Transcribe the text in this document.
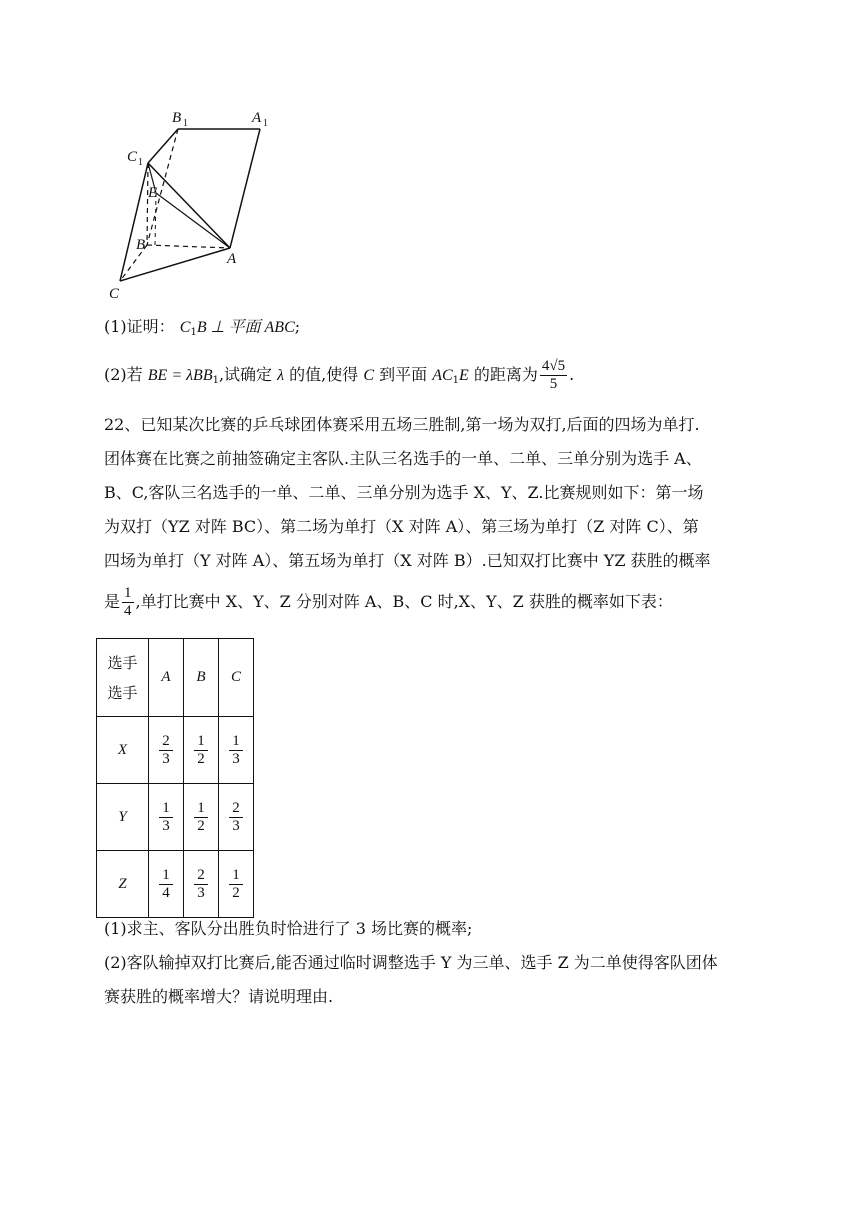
B 1	A 1
C 1
E
B
A
C
(1)证明： $C_1B$ ⊥ 平面 ABC;
(2)若 BE = λBB$_1$,试确定 λ 的值,使得 C 到平面 $AC_1E$ 的距离为 $\frac{4√5}{5}$ .
22、已知某次比赛的乒乓球团体赛采用五场三胜制,第一场为双打,后面的四场为单打.
团体赛在比赛之前抽签确定主客队.主队三名选手的一单、二单、三单分别为选手 A、
B、C,客队三名选手的一单、二单、三单分别为选手 X、Y、Z.比赛规则如下：第一场
为双打（YZ 对阵 BC）、第二场为单打（X 对阵 A）、第三场为单打（Z 对阵 C）、第
四场为单打（Y 对阵 A）、第五场为单打（X 对阵 B）.已知双打比赛中 YZ 获胜的概率
是 $\frac{1}{4}$ ,单打比赛中 X、Y、Z 分别对阵 A、B、C 时,X、Y、Z 获胜的概率如下表：
选手
选手	A	B	C
X	$\frac{2}{3}$	$\frac{1}{2}$	$\frac{1}{3}$

Y	$\frac{1}{3}$	$\frac{1}{2}$	$\frac{2}{3}$

Z	$\frac{1}{4}$	$\frac{2}{3}$	$\frac{1}{2}$
(1)求主、客队分出胜负时恰进行了 3 场比赛的概率;
(2)客队输掉双打比赛后,能否通过临时调整选手 Y 为三单、选手 Z 为二单使得客队团体
赛获胜的概率增大？请说明理由.
